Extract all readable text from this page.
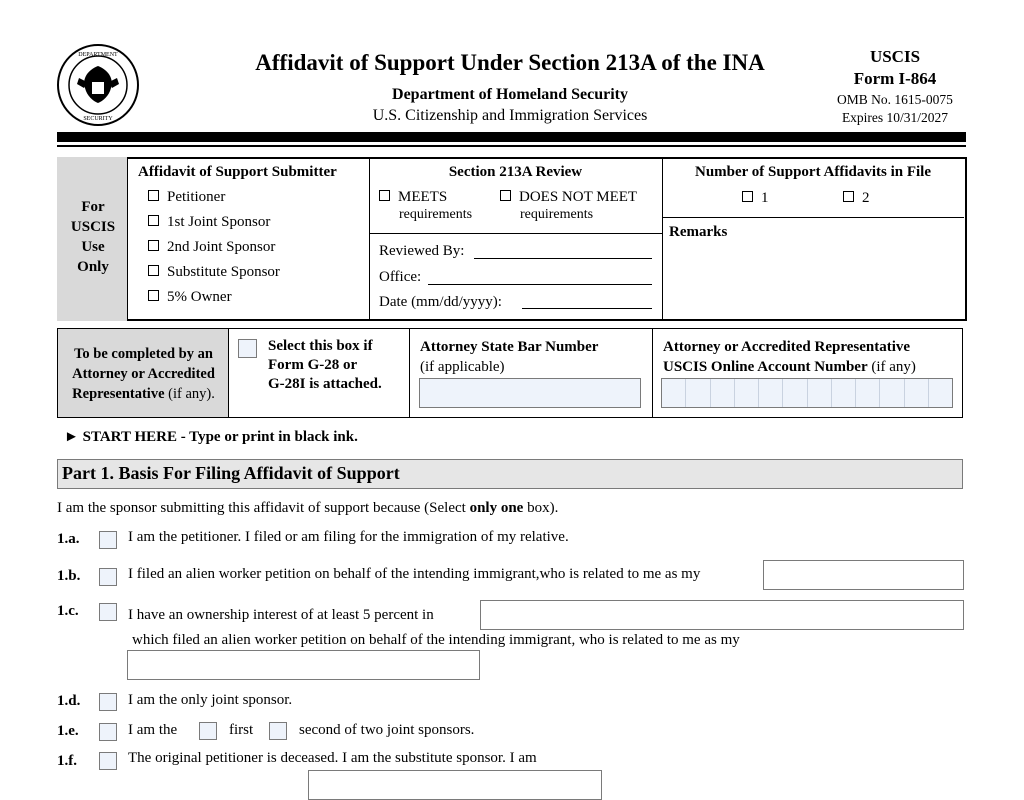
DEPARTMENT
SECURITY
Affidavit of Support Under Section 213A of the INA
Department of Homeland Security
U.S. Citizenship and Immigration Services
USCIS
Form I-864
OMB No. 1615-0075
Expires 10/31/2027
For
USCIS
Use
Only
Affidavit of Support Submitter
Petitioner
1st Joint Sponsor
2nd Joint Sponsor
Substitute Sponsor
5% Owner
Section 213A Review
MEETS
requirements
DOES NOT MEET
requirements
Reviewed By:
Office:
Date (mm/dd/yyyy):
Number of Support Affidavits in File
1	2
Remarks
To be completed by an
Attorney or Accredited
Representative (if any).
Select this box if
Form G-28 or
G-28I is attached.
Attorney State Bar Number
(if applicable)
Attorney or Accredited Representative
USCIS Online Account Number (if any)
► START HERE - Type or print in black ink.
Part 1. Basis For Filing Affidavit of Support
I am the sponsor submitting this affidavit of support because (Select only one box).
1.a.	I am the petitioner. I filed or am filing for the immigration of my relative.
1.b.	I filed an alien worker petition on behalf of the intending immigrant,who is related to me as my
1.c.	I have an ownership interest of at least 5 percent in
which filed an alien worker petition on behalf of the intending immigrant, who is related to me as my
1.d.	I am the only joint sponsor.
1.e.	I am the	first	second of two joint sponsors.
1.f.	The original petitioner is deceased. I am the substitute sponsor. I am
